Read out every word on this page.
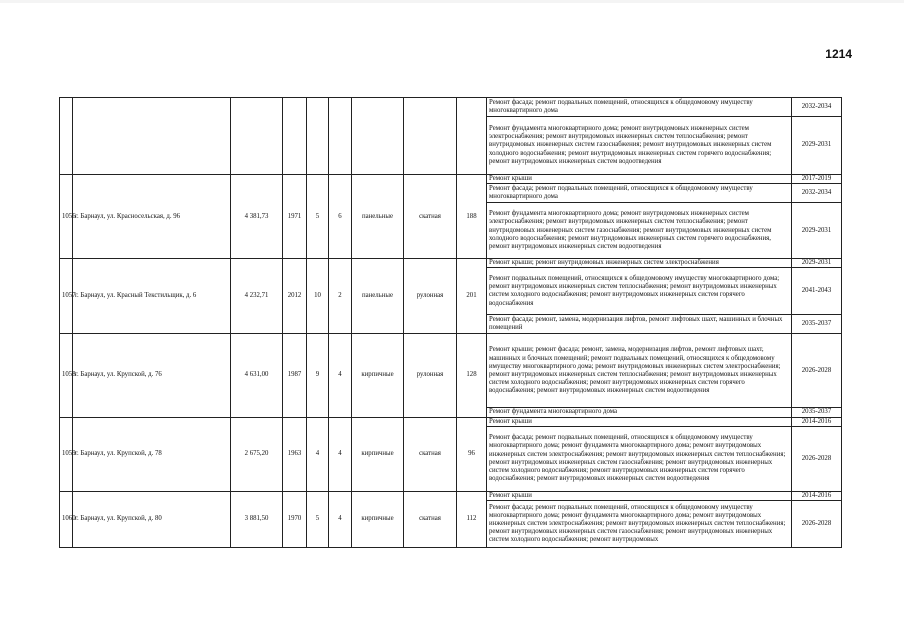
1214
									Ремонт фасада; ремонт подвальных помещений, относящихся к общедомовому имуществу многоквартирного дома	2032-2034
									Ремонт фундамента многоквартирного дома; ремонт внутридомовых инженерных систем электроснабжения; ремонт внутридомовых инженерных систем теплоснабжения; ремонт внутридомовых инженерных систем газоснабжения; ремонт внутридомовых инженерных систем холодного водоснабжения; ремонт внутридомовых инженерных систем горячего водоснабжения; ремонт внутридомовых инженерных систем водоотведения	2029-2031
1056	г. Барнаул, ул. Красносельская, д. 96	4 381,73	1971	5	6	панельные	скатная	188	Ремонт крыши	2017-2019
									Ремонт фасада; ремонт подвальных помещений, относящихся к общедомовому имуществу многоквартирного дома	2032-2034
									Ремонт фундамента многоквартирного дома; ремонт внутридомовых инженерных систем электроснабжения; ремонт внутридомовых инженерных систем теплоснабжения; ремонт внутридомовых инженерных систем газоснабжения; ремонт внутридомовых инженерных систем холодного водоснабжения; ремонт внутридомовых инженерных систем горячего водоснабжения, ремонт внутридомовых инженерных систем водоотведения	2029-2031
1057	г. Барнаул, ул. Красный Текстильщик, д. 6	4 232,71	2012	10	2	панельные	рулонная	201	Ремонт крыши; ремонт внутридомовых инженерных систем электроснабжения	2029-2031
									Ремонт подвальных помещений, относящихся к общедомовому имуществу многоквартирного дома; ремонт внутридомовых инженерных систем теплоснабжения; ремонт внутридомовых инженерных систем холодного водоснабжения; ремонт внутридомовых инженерных систем горячего водоснабжения	2041-2043
									Ремонт фасада; ремонт, замена, модернизация лифтов, ремонт лифтовых шахт, машинных и блочных помещений	2035-2037
1058	г. Барнаул, ул. Крупской, д. 76	4 631,00	1987	9	4	кирпичные	рулонная	128	Ремонт крыши; ремонт фасада; ремонт, замена, модернизация лифтов, ремонт лифтовых шахт, машинных и блочных помещений; ремонт подвальных помещений, относящихся к общедомовому имуществу многоквартирного дома; ремонт внутридомовых инженерных систем электроснабжения; ремонт внутридомовых инженерных систем теплоснабжения; ремонт внутридомовых инженерных систем холодного водоснабжения; ремонт внутридомовых инженерных систем горячего водоснабжения; ремонт внутридомовых инженерных систем водоотведения	2026-2028
									Ремонт фундамента многоквартирного дома	2035-2037
1059	г. Барнаул, ул. Крупской, д. 78	2 675,20	1963	4	4	кирпичные	скатная	96	Ремонт крыши	2014-2016
									Ремонт фасада; ремонт подвальных помещений, относящихся к общедомовому имуществу многоквартирного дома; ремонт фундамента многоквартирного дома; ремонт внутридомовых инженерных систем электроснабжения; ремонт внутридомовых инженерных систем теплоснабжения; ремонт внутридомовых инженерных систем газоснабжения; ремонт внутридомовых инженерных систем холодного водоснабжения; ремонт внутридомовых инженерных систем горячего водоснабжения; ремонт внутридомовых инженерных систем водоотведения	2026-2028
1060	г. Барнаул, ул. Крупской, д. 80	3 881,50	1970	5	4	кирпичные	скатная	112	Ремонт крыши	2014-2016
									Ремонт фасада; ремонт подвальных помещений, относящихся к общедомовому имуществу многоквартирного дома; ремонт фундамента многоквартирного дома; ремонт внутридомовых инженерных систем электроснабжения; ремонт внутридомовых инженерных систем теплоснабжения; ремонт внутридомовых инженерных систем газоснабжения; ремонт внутридомовых инженерных систем холодного водоснабжения; ремонт внутридомовых	2026-2028
